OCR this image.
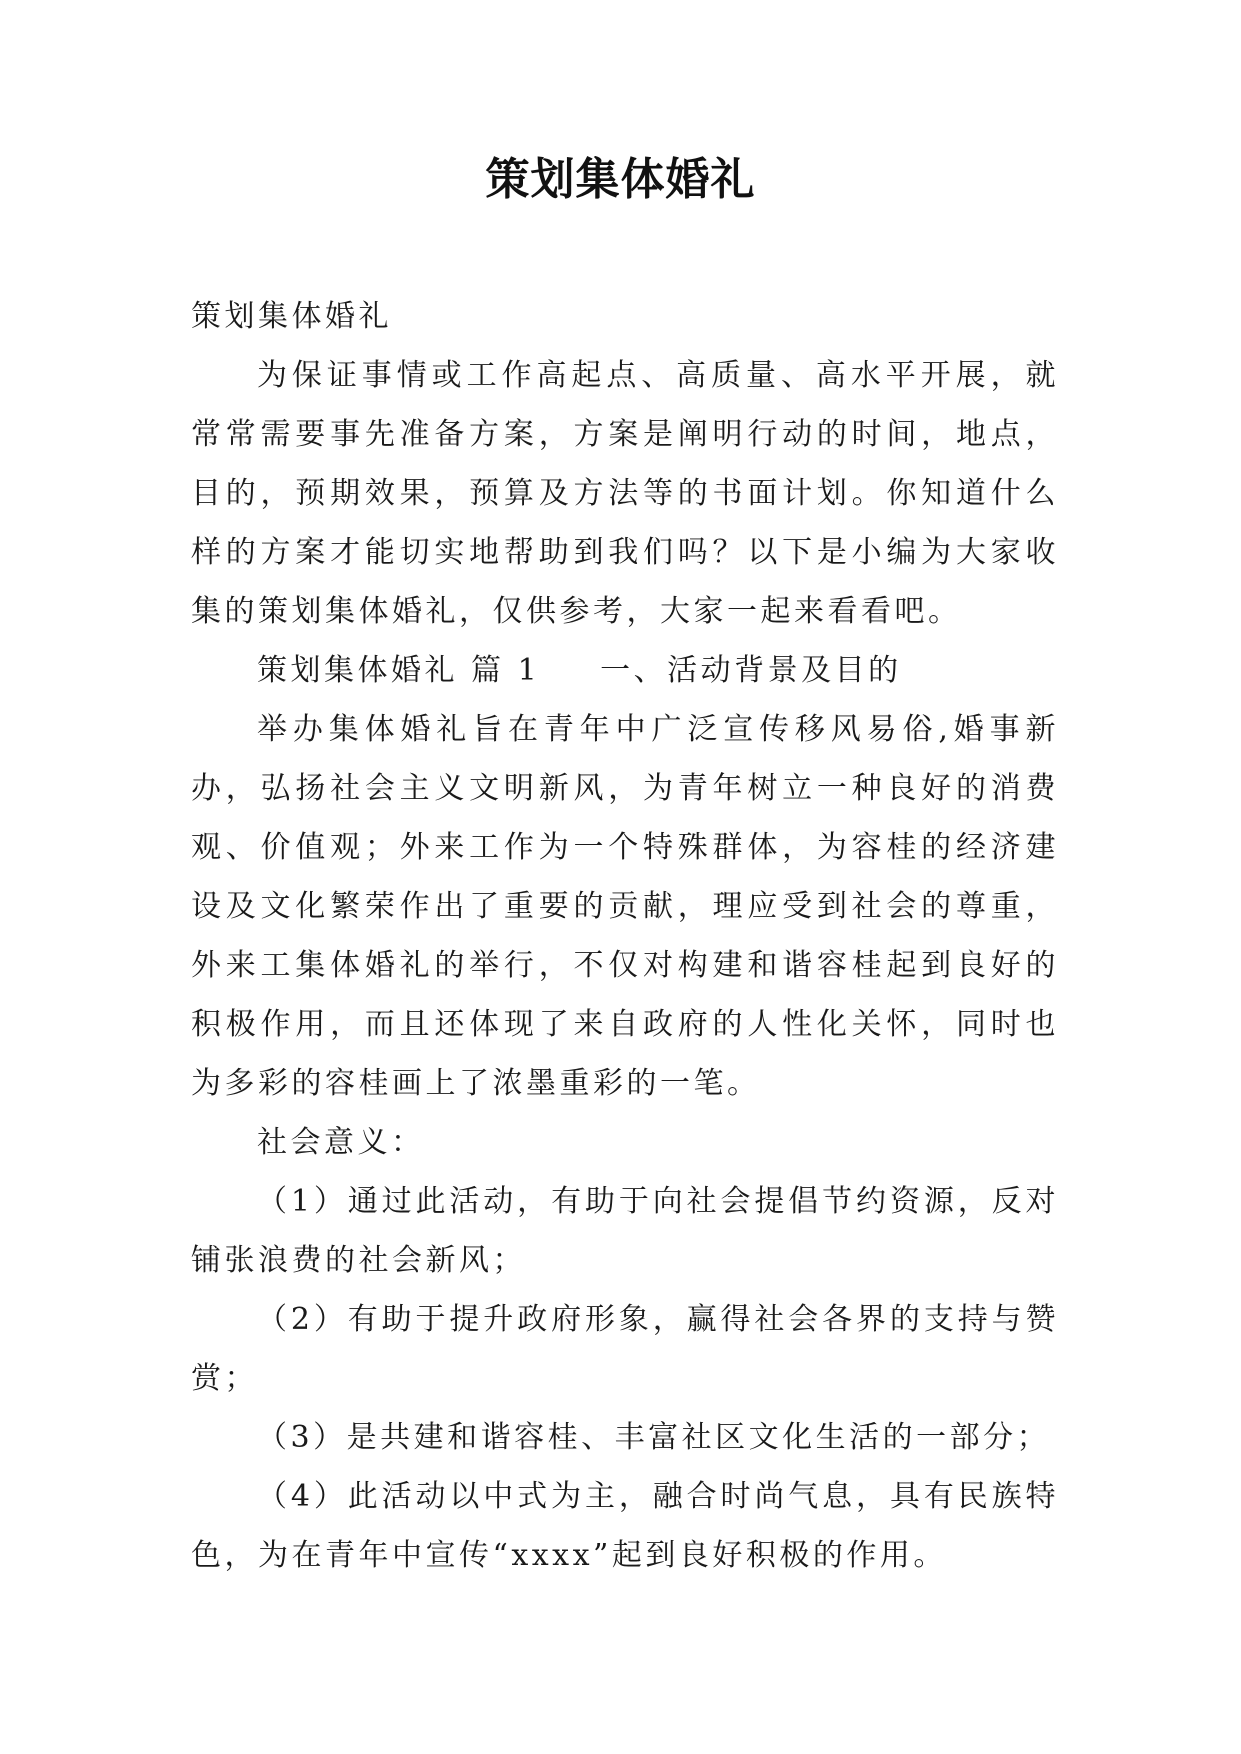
策划集体婚礼

策划集体婚礼

为保证事情或工作高起点、高质量、高水平开展，就常常需要事先准备方案，方案是阐明行动的时间，地点，目的，预期效果，预算及方法等的书面计划。你知道什么样的方案才能切实地帮助到我们吗？以下是小编为大家收集的策划集体婚礼，仅供参考，大家一起来看看吧。

策划集体婚礼 篇 1 一、活动背景及目的

举办集体婚礼旨在青年中广泛宣传移风易俗,婚事新办，弘扬社会主义文明新风，为青年树立一种良好的消费观、价值观；外来工作为一个特殊群体，为容桂的经济建设及文化繁荣作出了重要的贡献，理应受到社会的尊重，外来工集体婚礼的举行，不仅对构建和谐容桂起到良好的积极作用，而且还体现了来自政府的人性化关怀，同时也为多彩的容桂画上了浓墨重彩的一笔。

社会意义：

（1）通过此活动，有助于向社会提倡节约资源，反对铺张浪费的社会新风；

（2）有助于提升政府形象，赢得社会各界的支持与赞赏；

（3）是共建和谐容桂、丰富社区文化生活的一部分；

（4）此活动以中式为主，融合时尚气息，具有民族特色，为在青年中宣传“xxxx”起到良好积极的作用。
